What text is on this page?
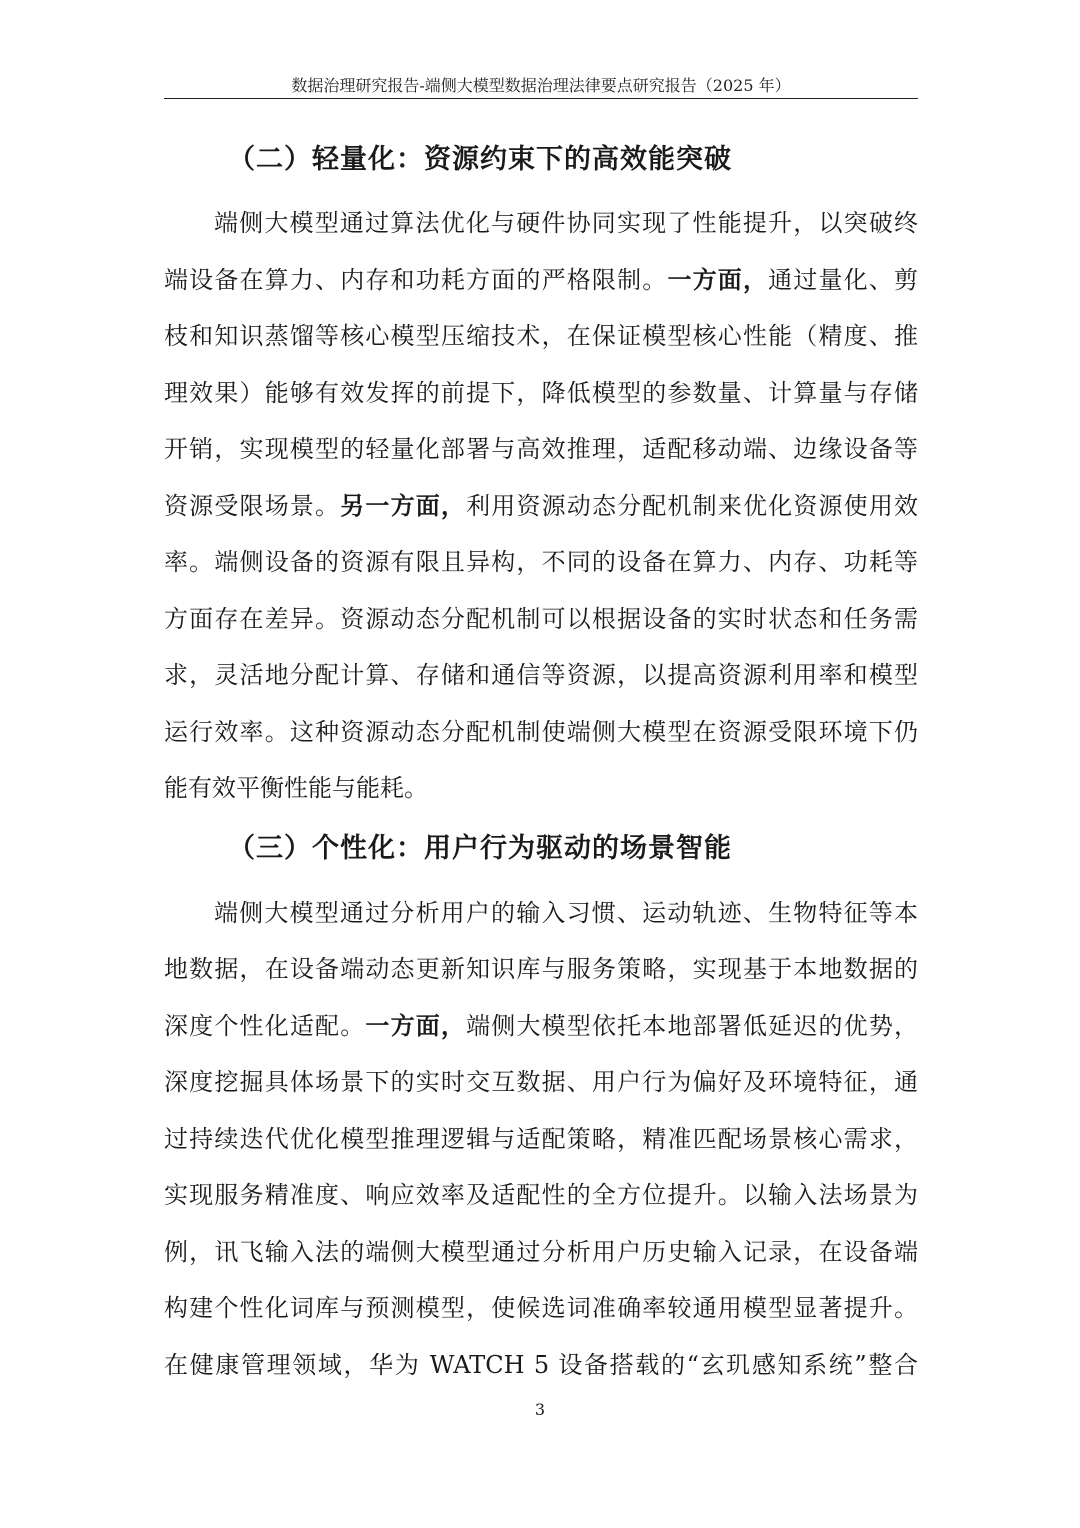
数据治理研究报告-端侧大模型数据治理法律要点研究报告（2025 年）
（二）轻量化：资源约束下的高效能突破
端侧大模型通过算法优化与硬件协同实现了性能提升，以突破终
端设备在算力、内存和功耗方面的严格限制。一方面，通过量化、剪
枝和知识蒸馏等核心模型压缩技术，在保证模型核心性能（精度、推
理效果）能够有效发挥的前提下，降低模型的参数量、计算量与存储
开销，实现模型的轻量化部署与高效推理，适配移动端、边缘设备等
资源受限场景。另一方面，利用资源动态分配机制来优化资源使用效
率。端侧设备的资源有限且异构，不同的设备在算力、内存、功耗等
方面存在差异。资源动态分配机制可以根据设备的实时状态和任务需
求，灵活地分配计算、存储和通信等资源，以提高资源利用率和模型
运行效率。这种资源动态分配机制使端侧大模型在资源受限环境下仍
能有效平衡性能与能耗。
（三）个性化：用户行为驱动的场景智能
端侧大模型通过分析用户的输入习惯、运动轨迹、生物特征等本
地数据，在设备端动态更新知识库与服务策略，实现基于本地数据的
深度个性化适配。一方面，端侧大模型依托本地部署低延迟的优势，
深度挖掘具体场景下的实时交互数据、用户行为偏好及环境特征，通
过持续迭代优化模型推理逻辑与适配策略，精准匹配场景核心需求，
实现服务精准度、响应效率及适配性的全方位提升。以输入法场景为
例，讯飞输入法的端侧大模型通过分析用户历史输入记录，在设备端
构建个性化词库与预测模型，使候选词准确率较通用模型显著提升。
在健康管理领域，华为 WATCH 5 设备搭载的“玄玑感知系统”整合
3
